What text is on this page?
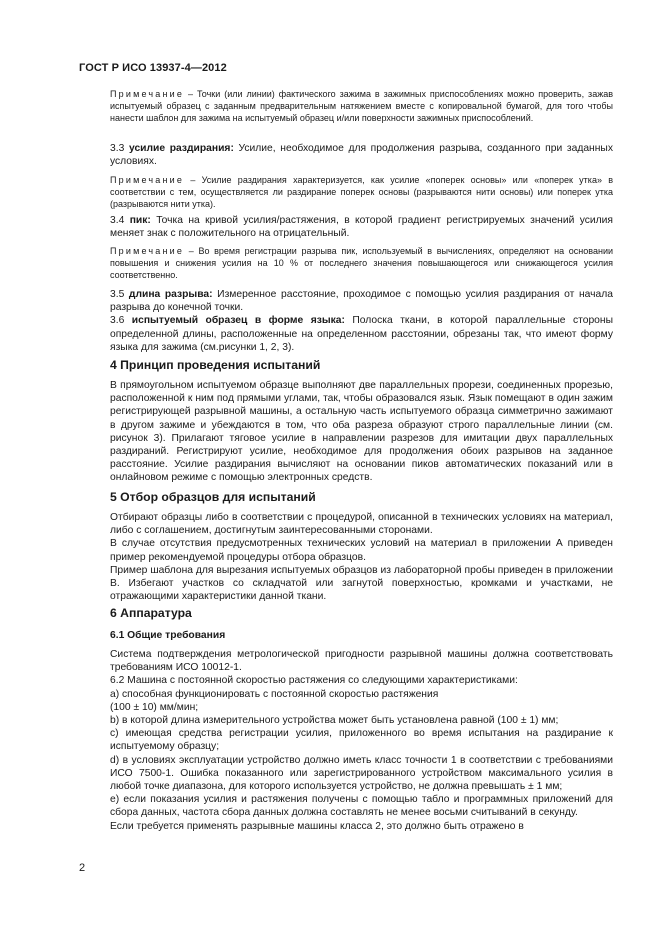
ГОСТ Р ИСО 13937-4—2012

Примечание – Точки (или линии) фактического зажима в зажимных приспособлениях можно проверить, зажав испытуемый образец с заданным предварительным натяжением вместе с копировальной бумагой, для того чтобы нанести шаблон для зажима на испытуемый образец и/или поверхности зажимных приспособлений.

3.3 усилие раздирания: Усилие, необходимое для продолжения разрыва, созданного при заданных условиях.

Примечание – Усилие раздирания характеризуется, как усилие «поперек основы» или «поперек утка» в соответствии с тем, осуществляется ли раздирание поперек основы (разрываются нити основы) или поперек утка (разрываются нити утка).

3.4 пик: Точка на кривой усилия/растяжения, в которой градиент регистрируемых значений усилия меняет знак с положительного на отрицательный.

Примечание – Во время регистрации разрыва пик, используемый в вычислениях, определяют на основании повышения и снижения усилия на 10 % от последнего значения повышающегося или снижающегося усилия соответственно.

3.5 длина разрыва: Измеренное расстояние, проходимое с помощью усилия раздирания от начала разрыва до конечной точки.

3.6 испытуемый образец в форме языка: Полоска ткани, в которой параллельные стороны определенной длины, расположенные на определенном расстоянии, обрезаны так, что имеют форму языка для зажима (см.рисунки 1, 2, 3).

4 Принцип проведения испытаний

В прямоугольном испытуемом образце выполняют две параллельных прорези, соединенных прорезью, расположенной к ним под прямыми углами, так, чтобы образовался язык. Язык помещают в один зажим регистрирующей разрывной машины, а остальную часть испытуемого образца симметрично зажимают в другом зажиме и убеждаются в том, что оба разреза образуют строго параллельные линии (см. рисунок 3). Прилагают тяговое усилие в направлении разрезов для имитации двух параллельных раздираний. Регистрируют усилие, необходимое для продолжения обоих разрывов на заданное расстояние. Усилие раздирания вычисляют на основании пиков автоматических показаний или в онлайновом режиме с помощью электронных средств.

5 Отбор образцов для испытаний

Отбирают образцы либо в соответствии с процедурой, описанной в технических условиях на материал, либо с соглашением, достигнутым заинтересованными сторонами.

В случае отсутствия предусмотренных технических условий на материал в приложении А приведен пример рекомендуемой процедуры отбора образцов.

Пример шаблона для вырезания испытуемых образцов из лабораторной пробы приведен в приложении В. Избегают участков со складчатой или загнутой поверхностью, кромками и участками, не отражающими характеристики данной ткани.

6 Аппаратура
6.1 Общие требования

Система подтверждения метрологической пригодности разрывной машины должна соответствовать требованиям ИСО 10012-1.

6.2 Машина с постоянной скоростью растяжения со следующими характеристиками:

а) способная функционировать с постоянной скоростью растяжения

(100 ± 10) мм/мин;

b) в которой длина измерительного устройства может быть установлена равной (100 ± 1) мм;

c) имеющая средства регистрации усилия, приложенного во время испытания на раздирание к испытуемому образцу;

d) в условиях эксплуатации устройство должно иметь класс точности 1 в соответствии с требованиями ИСО 7500-1. Ошибка показанного или зарегистрированного устройством максимального усилия в любой точке диапазона, для которого используется устройство, не должна превышать ± 1 мм;

е) если показания усилия и растяжения получены с помощью табло и программных приложений для сбора данных, частота сбора данных должна составлять не менее восьми считываний в секунду.

Если требуется применять разрывные машины класса 2, это должно быть отражено в

2
